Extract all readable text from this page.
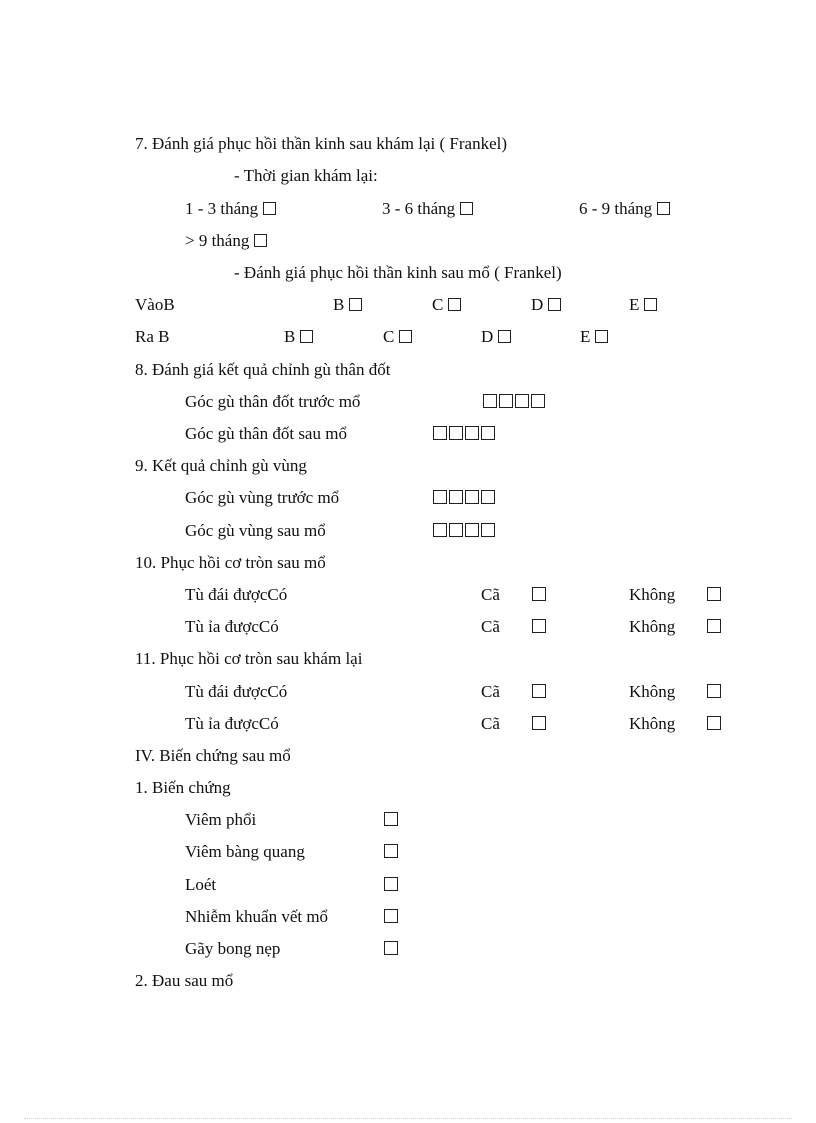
7. Đánh giá phục hồi thần kinh sau khám lại ( Frankel)
- Thời gian khám lại:
1 - 3 tháng	3 - 6 tháng	6 - 9 tháng
> 9 tháng
- Đánh giá phục hồi thần kinh sau mổ ( Frankel)
VàoB	B	C	D	E
Ra B	B	C	D	E
8. Đánh giá kết quả chỉnh gù thân đốt
Góc gù thân đốt trước mổ
Góc gù thân đốt sau mổ
9. Kết quả chỉnh gù vùng
Góc gù vùng trước mổ
Góc gù vùng sau mổ
10. Phục hồi cơ tròn sau mổ
Tù đái đượcCó	Cã	Không
Tù ỉa đượcCó	Cã	Không
11. Phục hồi cơ tròn sau khám lại
Tù đái đượcCó	Cã	Không
Tù ỉa đượcCó	Cã	Không
IV. Biến chứng sau mổ
1. Biến chứng
Viêm phổi
Viêm bàng quang
Loét
Nhiễm khuẩn vết mổ
Gãy bong nẹp
2. Đau sau mổ
